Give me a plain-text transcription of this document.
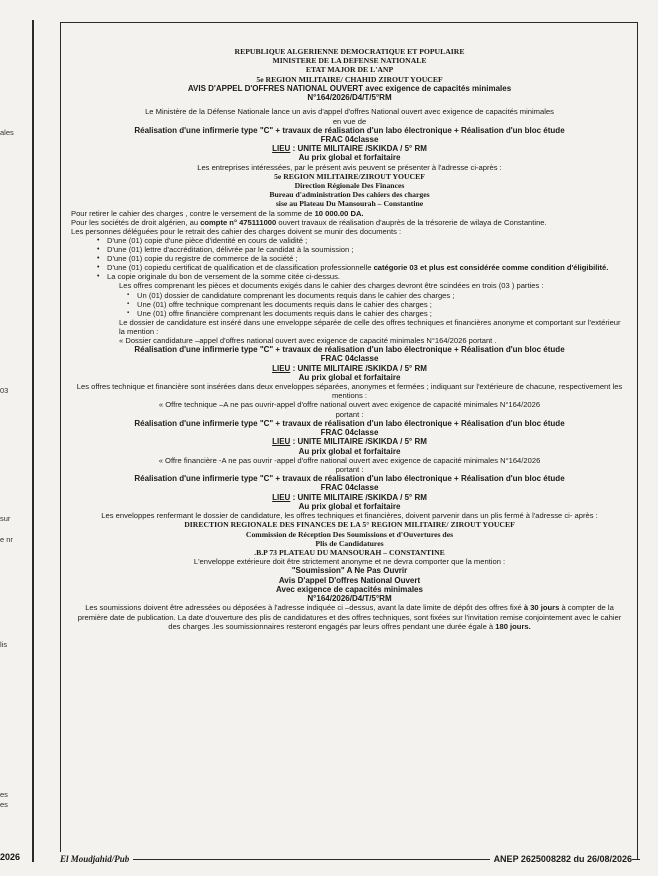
ales
03
sur
e nr
lis
es
es
2026
REPUBLIQUE ALGERIENNE DEMOCRATIQUE ET POPULAIRE
MINISTERE DE LA DEFENSE NATIONALE
ETAT MAJOR DE L'ANP
5e REGION MILITAIRE/ CHAHID ZIROUT YOUCEF
AVIS D'APPEL D'OFFRES NATIONAL OUVERT avec exigence de capacités minimales
N°164/2026/D4/T/5°RM
Le Ministère de la Défense Nationale lance un avis d'appel d'offres National ouvert avec exigence de capacités minimales
en vue de
Réalisation d'une infirmerie type "C" + travaux de réalisation d'un labo électronique + Réalisation d'un bloc étude
FRAC 04classe
LIEU : UNITE MILITAIRE /SKIKDA / 5° RM
Au prix global et forfaitaire
Les entreprises intéressées, par le présent avis peuvent se présenter à l'adresse ci-après :
5e REGION MILITAIRE/ZIROUT YOUCEF
Direction Régionale Des Finances
Bureau d'administration Des cahiers des charges
sise au Plateau Du Mansourah – Constantine
Pour retirer le cahier des charges , contre le versement de la somme de 10 000.00 DA.
Pour les sociétés de droit algérien, au compte n° 475111000 ouvert travaux de réalisation d'auprès de la trésorerie de wilaya de Constantine.
Les personnes déléguées pour le retrait des cahier des charges doivent se munir des documents :
• D'une (01) copie d'une pièce d'identité en cours de validité ;
• D'une (01) lettre d'accréditation, délivrée par le candidat à la soumission ;
• D'une (01) copie du registre de commerce de la société ;
• D'une (01) copiedu certificat de qualification et de classification professionnelle catégorie 03 et plus est considérée comme condition d'éligibilité.
• La copie originale du bon de versement de la somme citée ci-dessus.
Les offres comprenant les pièces et documents exigés dans le cahier des charges devront être scindées en trois (03 ) parties :
▪ Un (01) dossier de candidature comprenant les documents requis dans le cahier des charges ;
▪ Une (01) offre technique comprenant les documents requis dans le cahier des charges ;
▪ Une (01) offre financière comprenant les documents requis dans le cahier des charges ;
Le dossier de candidature est inséré dans une enveloppe séparée de celle des offres techniques et financières anonyme et comportant sur l'extérieur la mention :
« Dossier candidature –appel d'offres national ouvert avec exigence de capacité minimales N°164/2026 portant .
Réalisation d'une infirmerie type "C" + travaux de réalisation d'un labo électronique + Réalisation d'un bloc étude
FRAC 04classe
LIEU : UNITE MILITAIRE /SKIKDA / 5° RM
Au prix global et forfaitaire
Les offres technique et financière sont insérées dans deux enveloppes séparées, anonymes et fermées ; indiquant sur l'extérieure de chacune, respectivement les mentions :
« Offre technique –A ne pas ouvrir-appel d'offre national ouvert avec exigence de capacité minimales N°164/2026
portant :
Réalisation d'une infirmerie type "C" + travaux de réalisation d'un labo électronique + Réalisation d'un bloc étude
FRAC 04classe
LIEU : UNITE MILITAIRE /SKIKDA / 5° RM
Au prix global et forfaitaire
« Offre financière -A ne pas ouvrir -appel d'offre national ouvert avec exigence de capacité minimales N°164/2026
portant :
Réalisation d'une infirmerie type "C" + travaux de réalisation d'un labo électronique + Réalisation d'un bloc étude
FRAC 04classe
LIEU : UNITE MILITAIRE /SKIKDA / 5° RM
Au prix global et forfaitaire
Les enveloppes renfermant le dossier de candidature, les offres techniques et financières, doivent parvenir dans un plis fermé à l'adresse ci- après :
DIRECTION REGIONALE DES FINANCES DE LA 5° REGION MILITAIRE/ ZIROUT YOUCEF
Commission de Réception Des Soumissions et d'Ouvertures des
Plis de Candidatures
.B.P 73 PLATEAU DU MANSOURAH – CONSTANTINE
L'enveloppe extérieure doit être strictement anonyme et ne devra comporter que la mention :
"Soumission" A Ne Pas Ouvrir
Avis D'appel D'offres National Ouvert
Avec exigence de capacités minimales
N°164/2026/D4/T/5°RM
Les soumissions doivent être adressées ou déposées à l'adresse indiquée ci –dessus, avant la date limite de dépôt des offres fixé à 30 jours à compter de la première date de publication. La date d'ouverture des plis de candidatures et des offres techniques, sont fixées sur l'invitation remise conjointement avec le cahier des charges .les soumissionnaires resteront engagés par leurs offres pendant une durée égale à 180 jours.
El Moudjahid/Pub	ANEP 2625008282 du 26/08/2026
